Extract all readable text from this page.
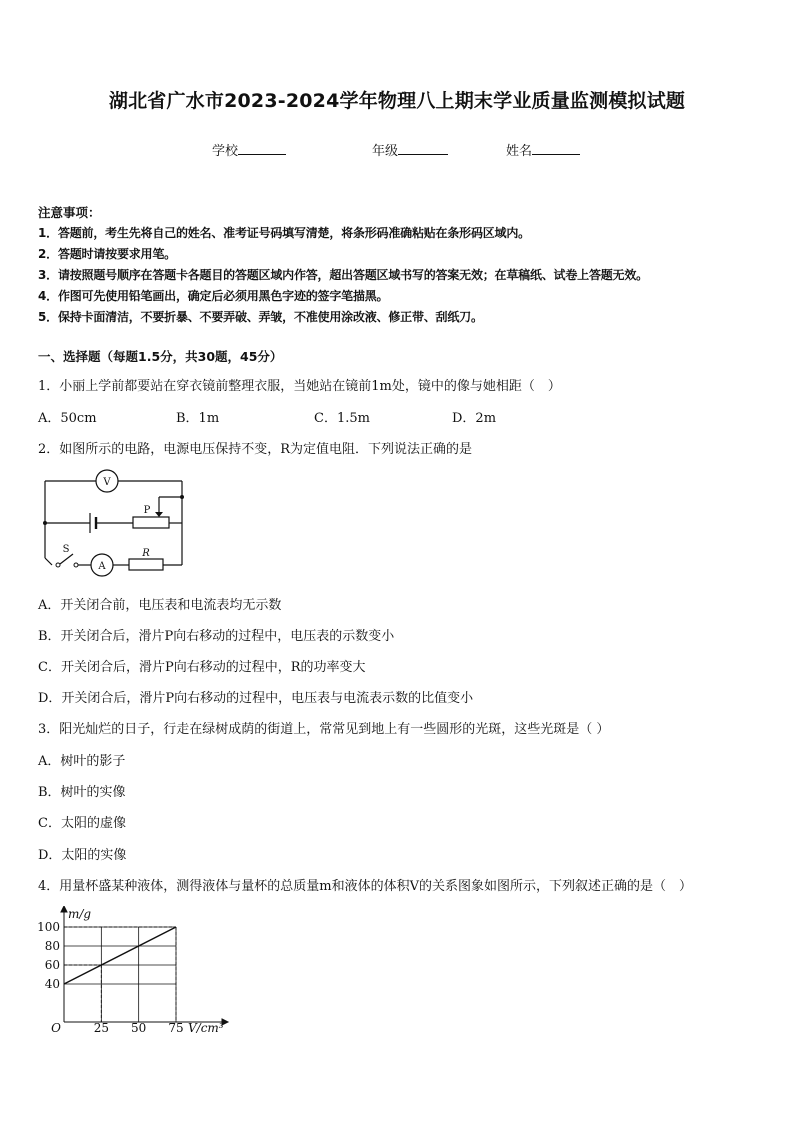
湖北省广水市2023-2024学年物理八上期末学业质量监测模拟试题
学校	年级	姓名
注意事项：
1．答题前，考生先将自己的姓名、准考证号码填写清楚，将条形码准确粘贴在条形码区域内。
2．答题时请按要求用笔。
3．请按照题号顺序在答题卡各题目的答题区域内作答，超出答题区域书写的答案无效；在草稿纸、试卷上答题无效。
4．作图可先使用铅笔画出，确定后必须用黑色字迹的签字笔描黑。
5．保持卡面清洁，不要折暴、不要弄破、弄皱，不准使用涂改液、修正带、刮纸刀。
一、选择题（每题1.5分，共30题，45分）
1．小丽上学前都要站在穿衣镜前整理衣服，当她站在镜前1m处，镜中的像与她相距（　）
A．50cm	B．1m	C．1.5m	D．2m
2．如图所示的电路，电源电压保持不变，R为定值电阻．下列说法正确的是
V
A
P
R
S
A．开关闭合前，电压表和电流表均无示数
B．开关闭合后，滑片P向右移动的过程中，电压表的示数变小
C．开关闭合后，滑片P向右移动的过程中，R的功率变大
D．开关闭合后，滑片P向右移动的过程中，电压表与电流表示数的比值变小
3．阳光灿烂的日子，行走在绿树成荫的街道上，常常见到地上有一些圆形的光斑，这些光斑是（ ）
A．树叶的影子
B．树叶的实像
C．太阳的虚像
D．太阳的实像
4．用量杯盛某种液体，测得液体与量杯的总质量m和液体的体积V的关系图象如图所示，下列叙述正确的是（　）
40
60
80
100
25 50 75
O
m/g
V/cm³
